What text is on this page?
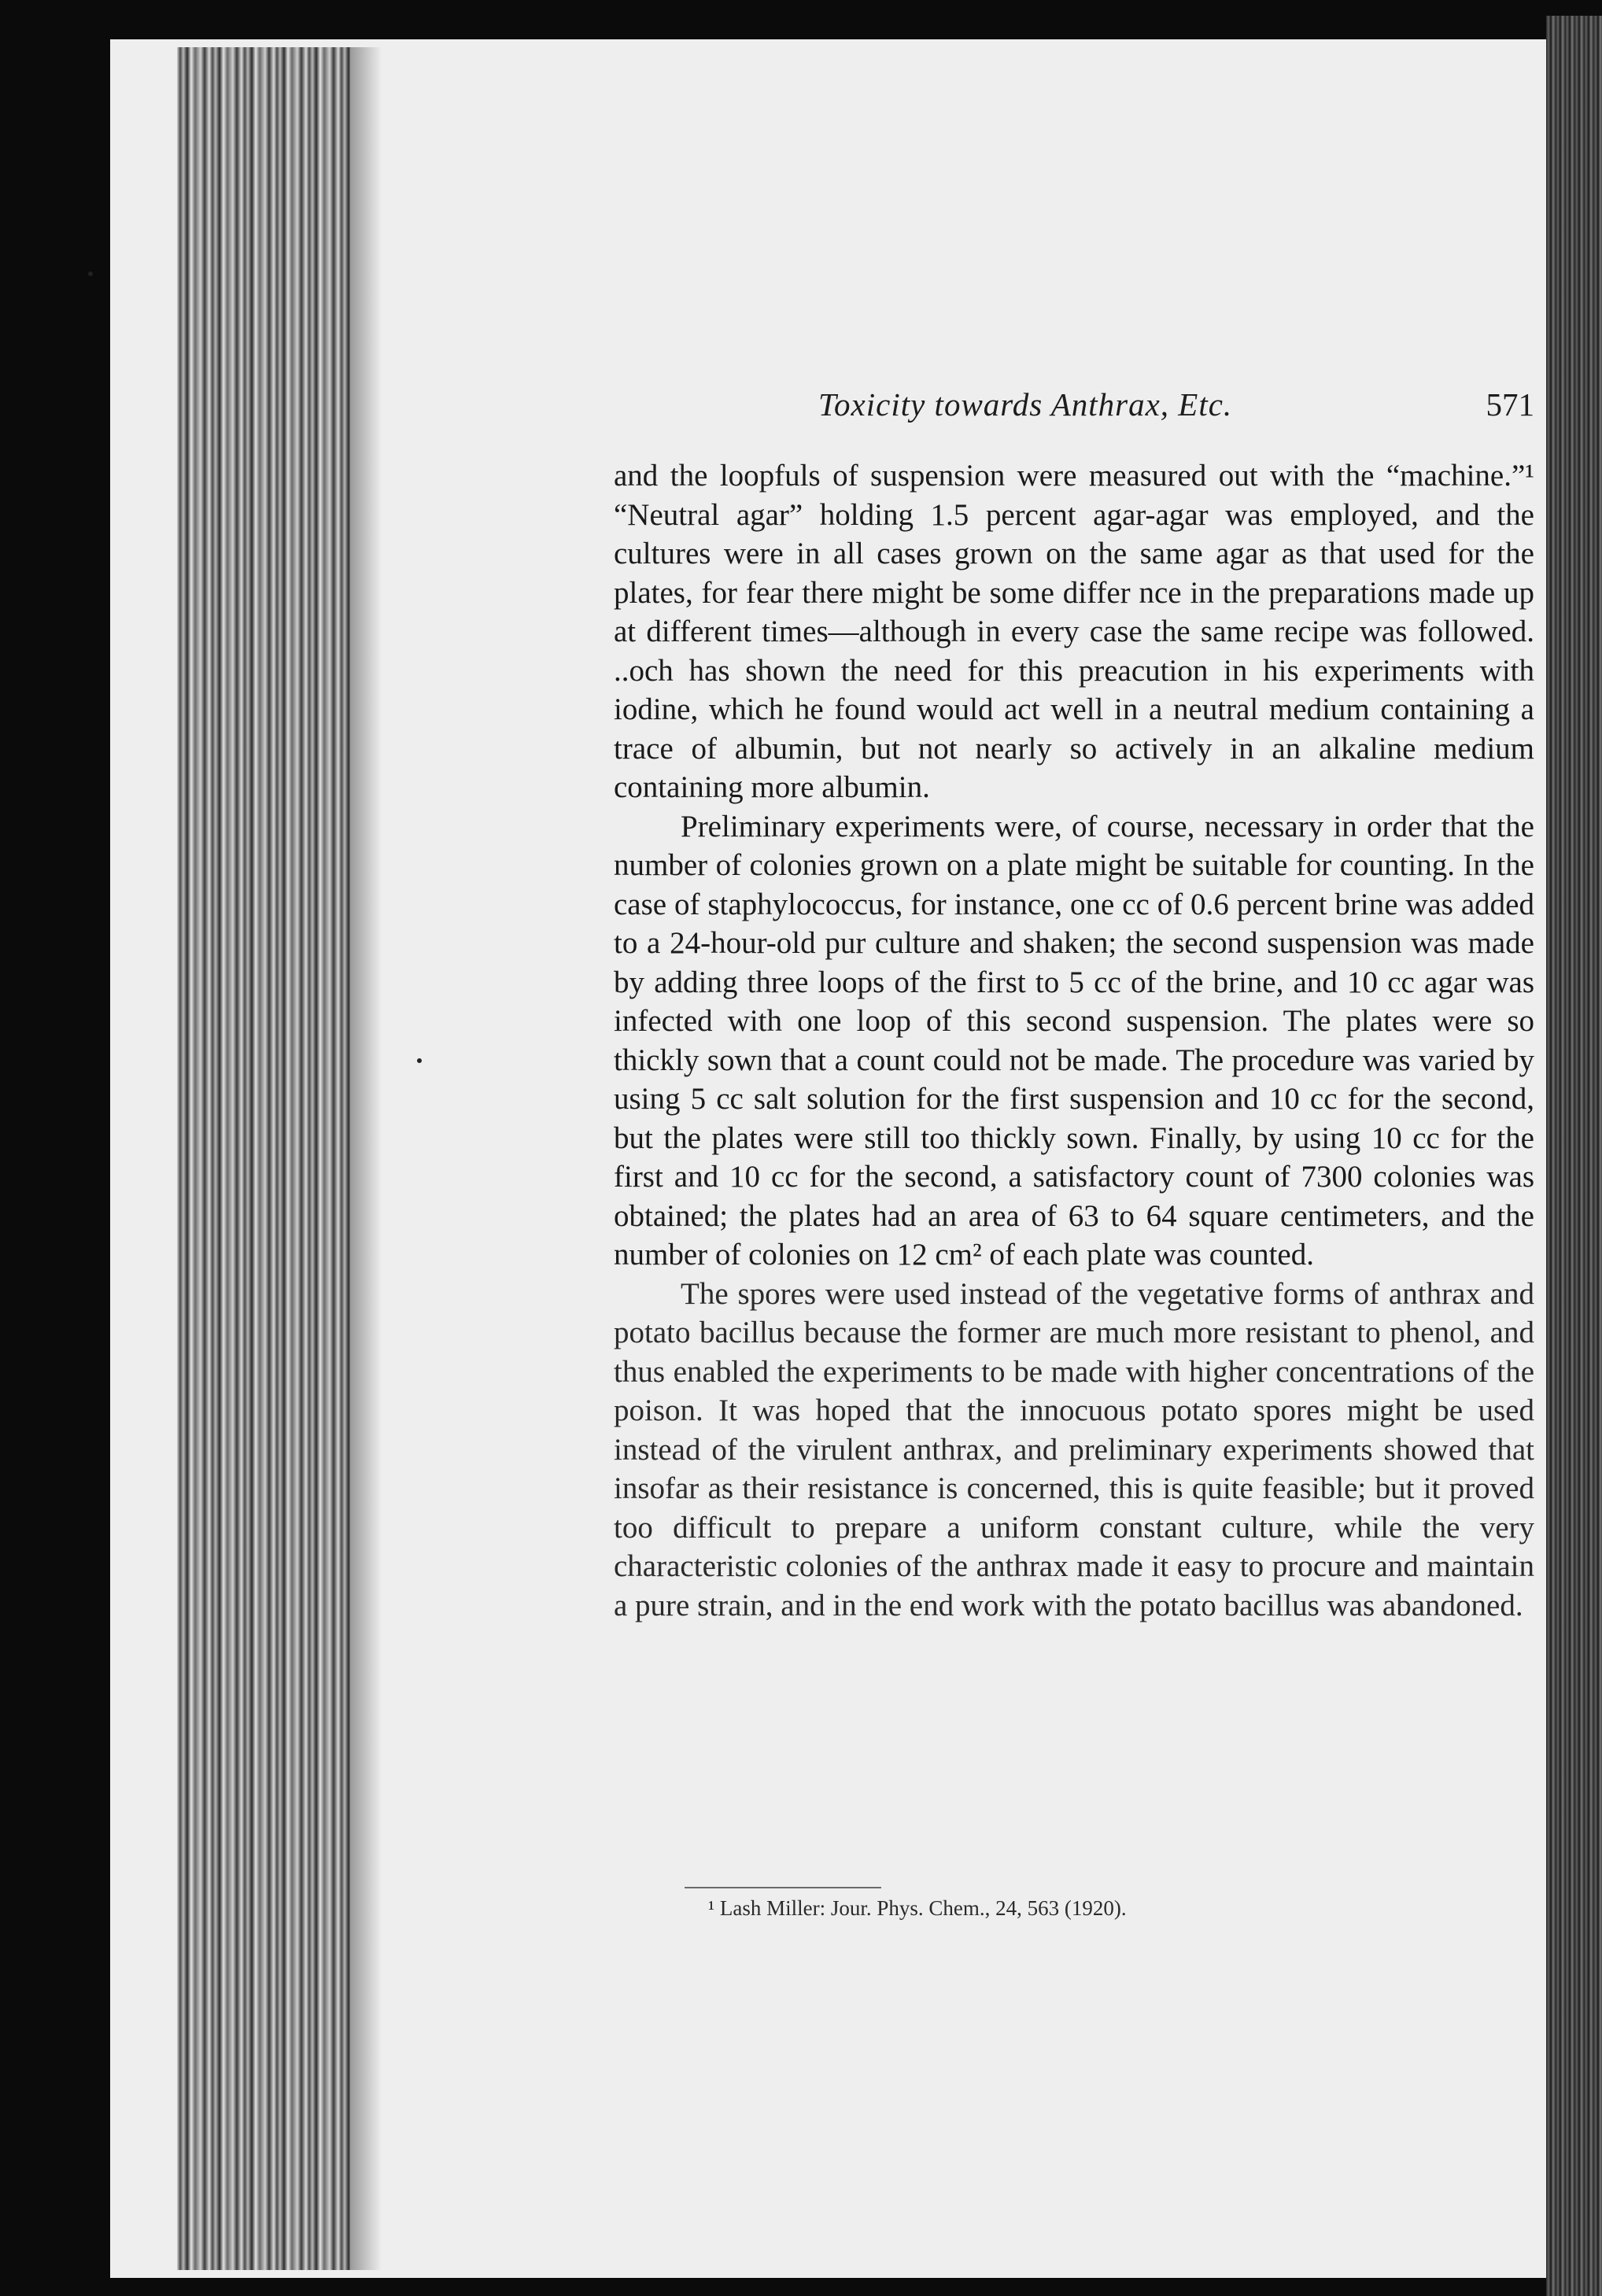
Toxicity towards Anthrax, Etc.	571

and the loopfuls of suspension were measured out with the “machine.”¹ “Neutral agar” holding 1.5 percent agar-agar was employed, and the cultures were in all cases grown on the same agar as that used for the plates, for fear there might be some differ nce in the preparations made up at different times—although in every case the same recipe was followed. ..och has shown the need for this preacution in his experiments with iodine, which he found would act well in a neutral medium containing a trace of albumin, but not nearly so actively in an alkaline medium containing more albumin.

Preliminary experiments were, of course, necessary in order that the number of colonies grown on a plate might be suitable for counting. In the case of staphylococcus, for instance, one cc of 0.6 percent brine was added to a 24-hour-old pur culture and shaken; the second suspension was made by adding three loops of the first to 5 cc of the brine, and 10 cc agar was infected with one loop of this second suspension. The plates were so thickly sown that a count could not be made. The procedure was varied by using 5 cc salt solution for the first suspension and 10 cc for the second, but the plates were still too thickly sown. Finally, by using 10 cc for the first and 10 cc for the second, a satisfactory count of 7300 colonies was obtained; the plates had an area of 63 to 64 square centimeters, and the number of colonies on 12 cm² of each plate was counted.

The spores were used instead of the vegetative forms of anthrax and potato bacillus because the former are much more resistant to phenol, and thus enabled the experiments to be made with higher concentrations of the poison. It was hoped that the innocuous potato spores might be used instead of the virulent anthrax, and preliminary experiments showed that insofar as their resistance is concerned, this is quite feasible; but it proved too difficult to prepare a uniform constant culture, while the very characteristic colonies of the anthrax made it easy to procure and maintain a pure strain, and in the end work with the potato bacillus was abandoned.

¹ Lash Miller: Jour. Phys. Chem., 24, 563 (1920).
